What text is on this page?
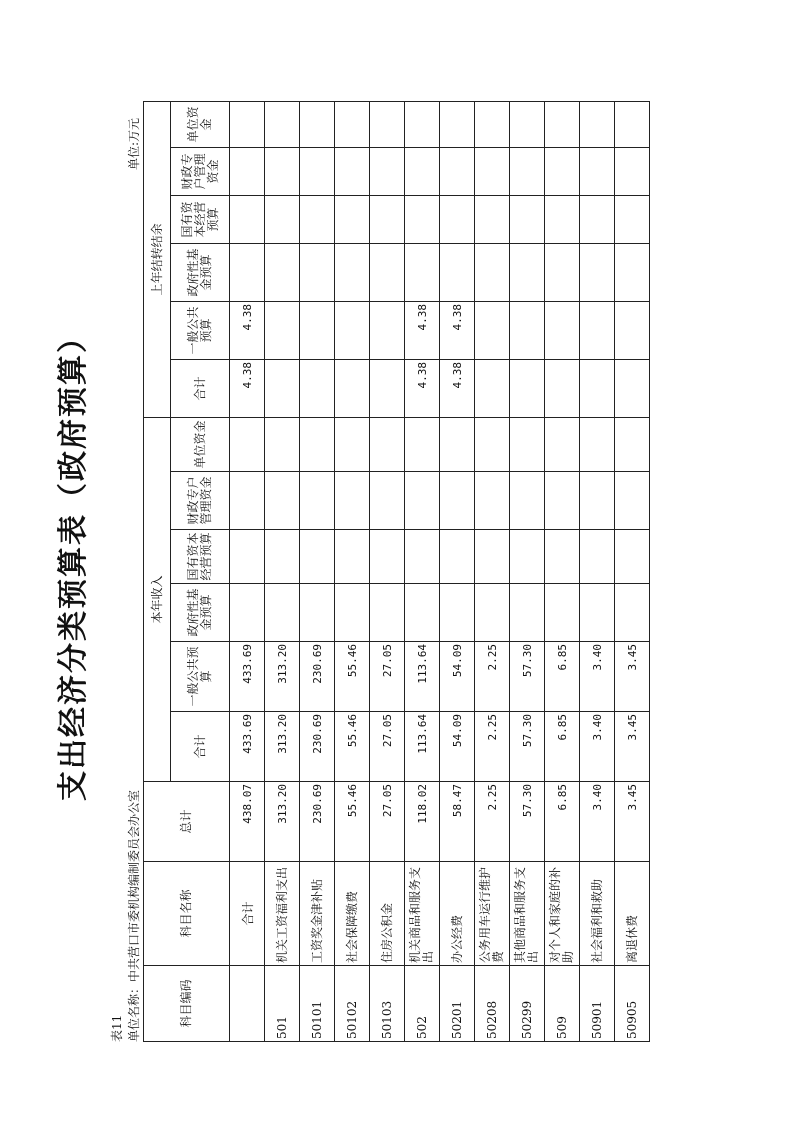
支出经济分类预算表（政府预算）
表11 单位名称：中共营口市委机构编制委员会办公室
单位:万元
科目编码	科目名称	总计	本年收入						上年结转结余					
			合计	一般公共预算	政府性基金预算	国有资本经营预算	财政专户管理资金	单位资金	合计	一般公共预算	政府性基金预算	国有资本经营预算	财政专户管理资金	单位资金
	合计	438.07	433.69	433.69					4.38	4.38				
501	机关工资福利支出	313.20	313.20	313.20										
50101	工资奖金津补贴	230.69	230.69	230.69										
50102	社会保障缴费	55.46	55.46	55.46										
50103	住房公积金	27.05	27.05	27.05										
502	机关商品和服务支出	118.02	113.64	113.64					4.38	4.38				
50201	办公经费	58.47	54.09	54.09					4.38	4.38				
50208	公务用车运行维护费	2.25	2.25	2.25										
50299	其他商品和服务支出	57.30	57.30	57.30										
509	对个人和家庭的补助	6.85	6.85	6.85										
50901	社会福利和救助	3.40	3.40	3.40										
50905	离退休费	3.45	3.45	3.45										
